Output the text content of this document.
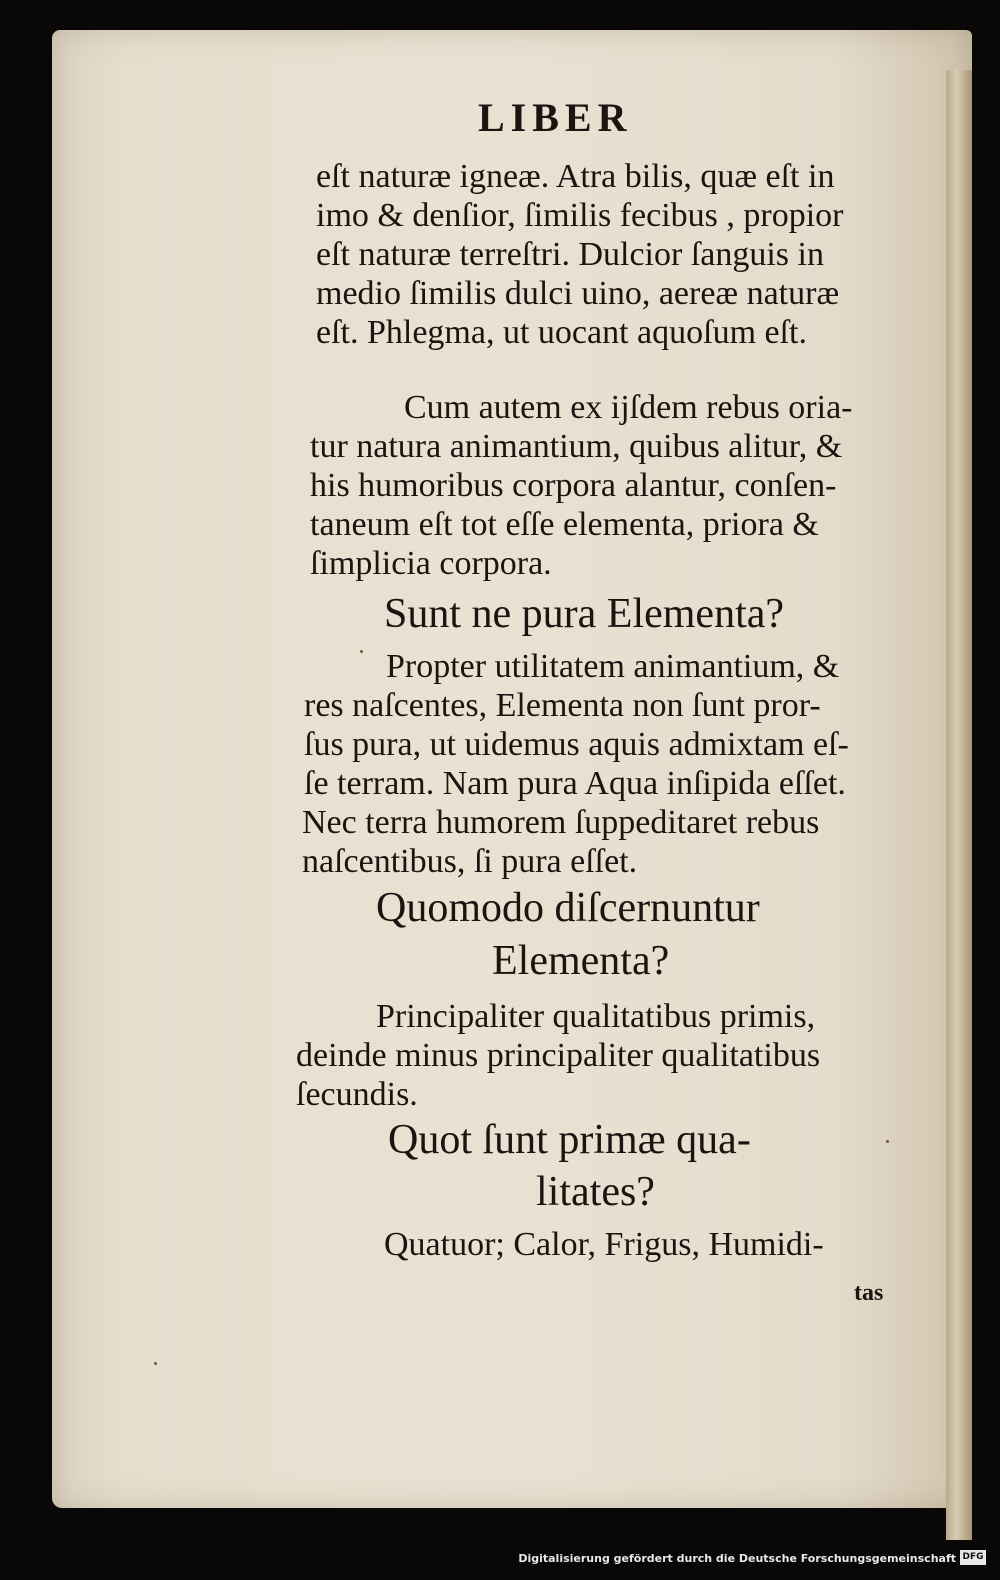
LIBER
eſt naturæ igneæ. Atra bilis, quæ eſt in
imo & denſior, ſimilis fecibus , propior
eſt naturæ terreſtri. Dulcior ſanguis in
medio ſimilis dulci uino, aereæ naturæ
eſt. Phlegma, ut uocant aquoſum eſt.
Cum autem ex ijſdem rebus oria-
tur natura animantium, quibus alitur, &
his humoribus corpora alantur, conſen-
taneum eſt tot eſſe elementa, priora &
ſimplicia corpora.
Sunt ne pura Elementa?
Propter utilitatem animantium, &
res naſcentes, Elementa non ſunt pror-
ſus pura, ut uidemus aquis admixtam eſ-
ſe terram. Nam pura Aqua inſipida eſſet.
Nec terra humorem ſuppeditaret rebus
naſcentibus, ſi pura eſſet.
Quomodo diſcernuntur
Elementa?
Principaliter qualitatibus primis,
deinde minus principaliter qualitatibus
ſecundis.
Quot ſunt primæ qua-
litates?
Quatuor; Calor, Frigus, Humidi-
tas
Digitalisierung gefördert durch die Deutsche Forschungsgemeinschaft DFG
